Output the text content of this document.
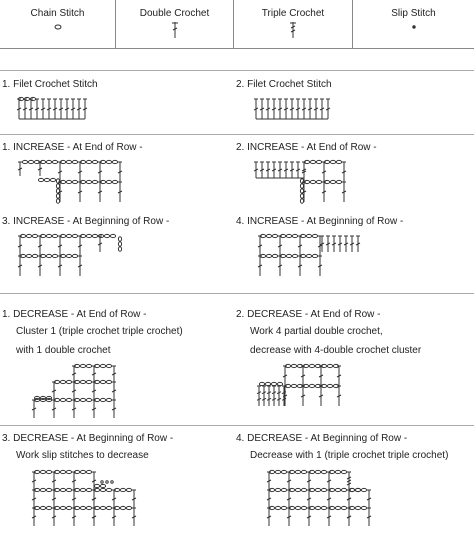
Chain Stitch	Double Crochet	Triple Crochet	Slip Stitch
1. Filet Crochet Stitch	2. Filet Crochet Stitch
1. INCREASE - At End of Row -	2. INCREASE - At End of Row -
3. INCREASE - At Beginning of Row -	4. INCREASE - At Beginning of Row -
1. DECREASE - At End of Row -
Cluster 1 (triple crochet triple crochet)
with 1 double crochet
2. DECREASE - At End of Row -
Work 4 partial double crochet,
decrease with 4-double crochet cluster
3. DECREASE - At Beginning of Row -
Work slip stitches to decrease
4. DECREASE - At Beginning of Row -
Decrease with 1 (triple crochet triple crochet)
